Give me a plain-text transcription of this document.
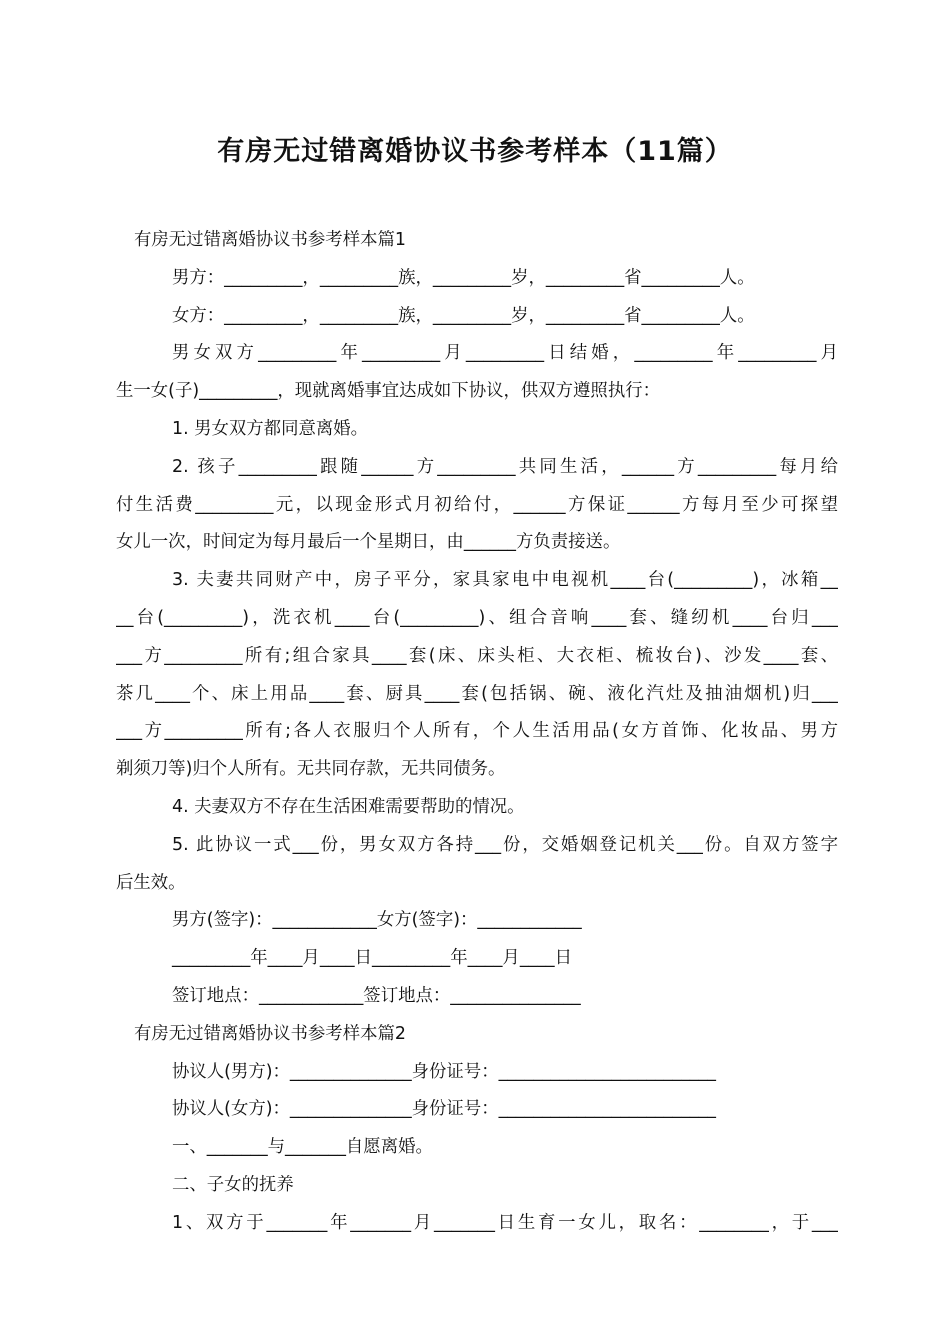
有房无过错离婚协议书参考样本（11篇）
有房无过错离婚协议书参考样本篇1
男方：_________，_________族，_________岁，_________省_________人。
女方：_________，_________族，_________岁，_________省_________人。
男女双方_________年_________月_________日结婚，_________年_________月
生一女(子)_________，现就离婚事宜达成如下协议，供双方遵照执行：
1. 男女双方都同意离婚。
2. 孩子_________跟随______方_________共同生活，______方_________每月给
付生活费_________元，以现金形式月初给付，______方保证______方每月至少可探望
女儿一次，时间定为每月最后一个星期日，由______方负责接送。
3. 夫妻共同财产中，房子平分，家具家电中电视机____台(_________)，冰箱__
__台(_________)，洗衣机____台(_________)、组合音响____套、缝纫机____台归___
___方_________所有;组合家具____套(床、床头柜、大衣柜、梳妆台)、沙发____套、
茶几____个、床上用品____套、厨具____套(包括锅、碗、液化汽灶及抽油烟机)归___
___方_________所有;各人衣服归个人所有，个人生活用品(女方首饰、化妆品、男方
剃须刀等)归个人所有。无共同存款，无共同债务。
4. 夫妻双方不存在生活困难需要帮助的情况。
5. 此协议一式___份，男女双方各持___份，交婚姻登记机关___份。自双方签字
后生效。
男方(签字)：____________女方(签字)：____________
_________年____月____日_________年____月____日
签订地点：____________签订地点：_______________
有房无过错离婚协议书参考样本篇2
协议人(男方)：______________身份证号：_________________________
协议人(女方)：______________身份证号：_________________________
一、_______与_______自愿离婚。
二、子女的抚养
1、双方于_______年_______月_______日生育一女儿，取名：________，于___
